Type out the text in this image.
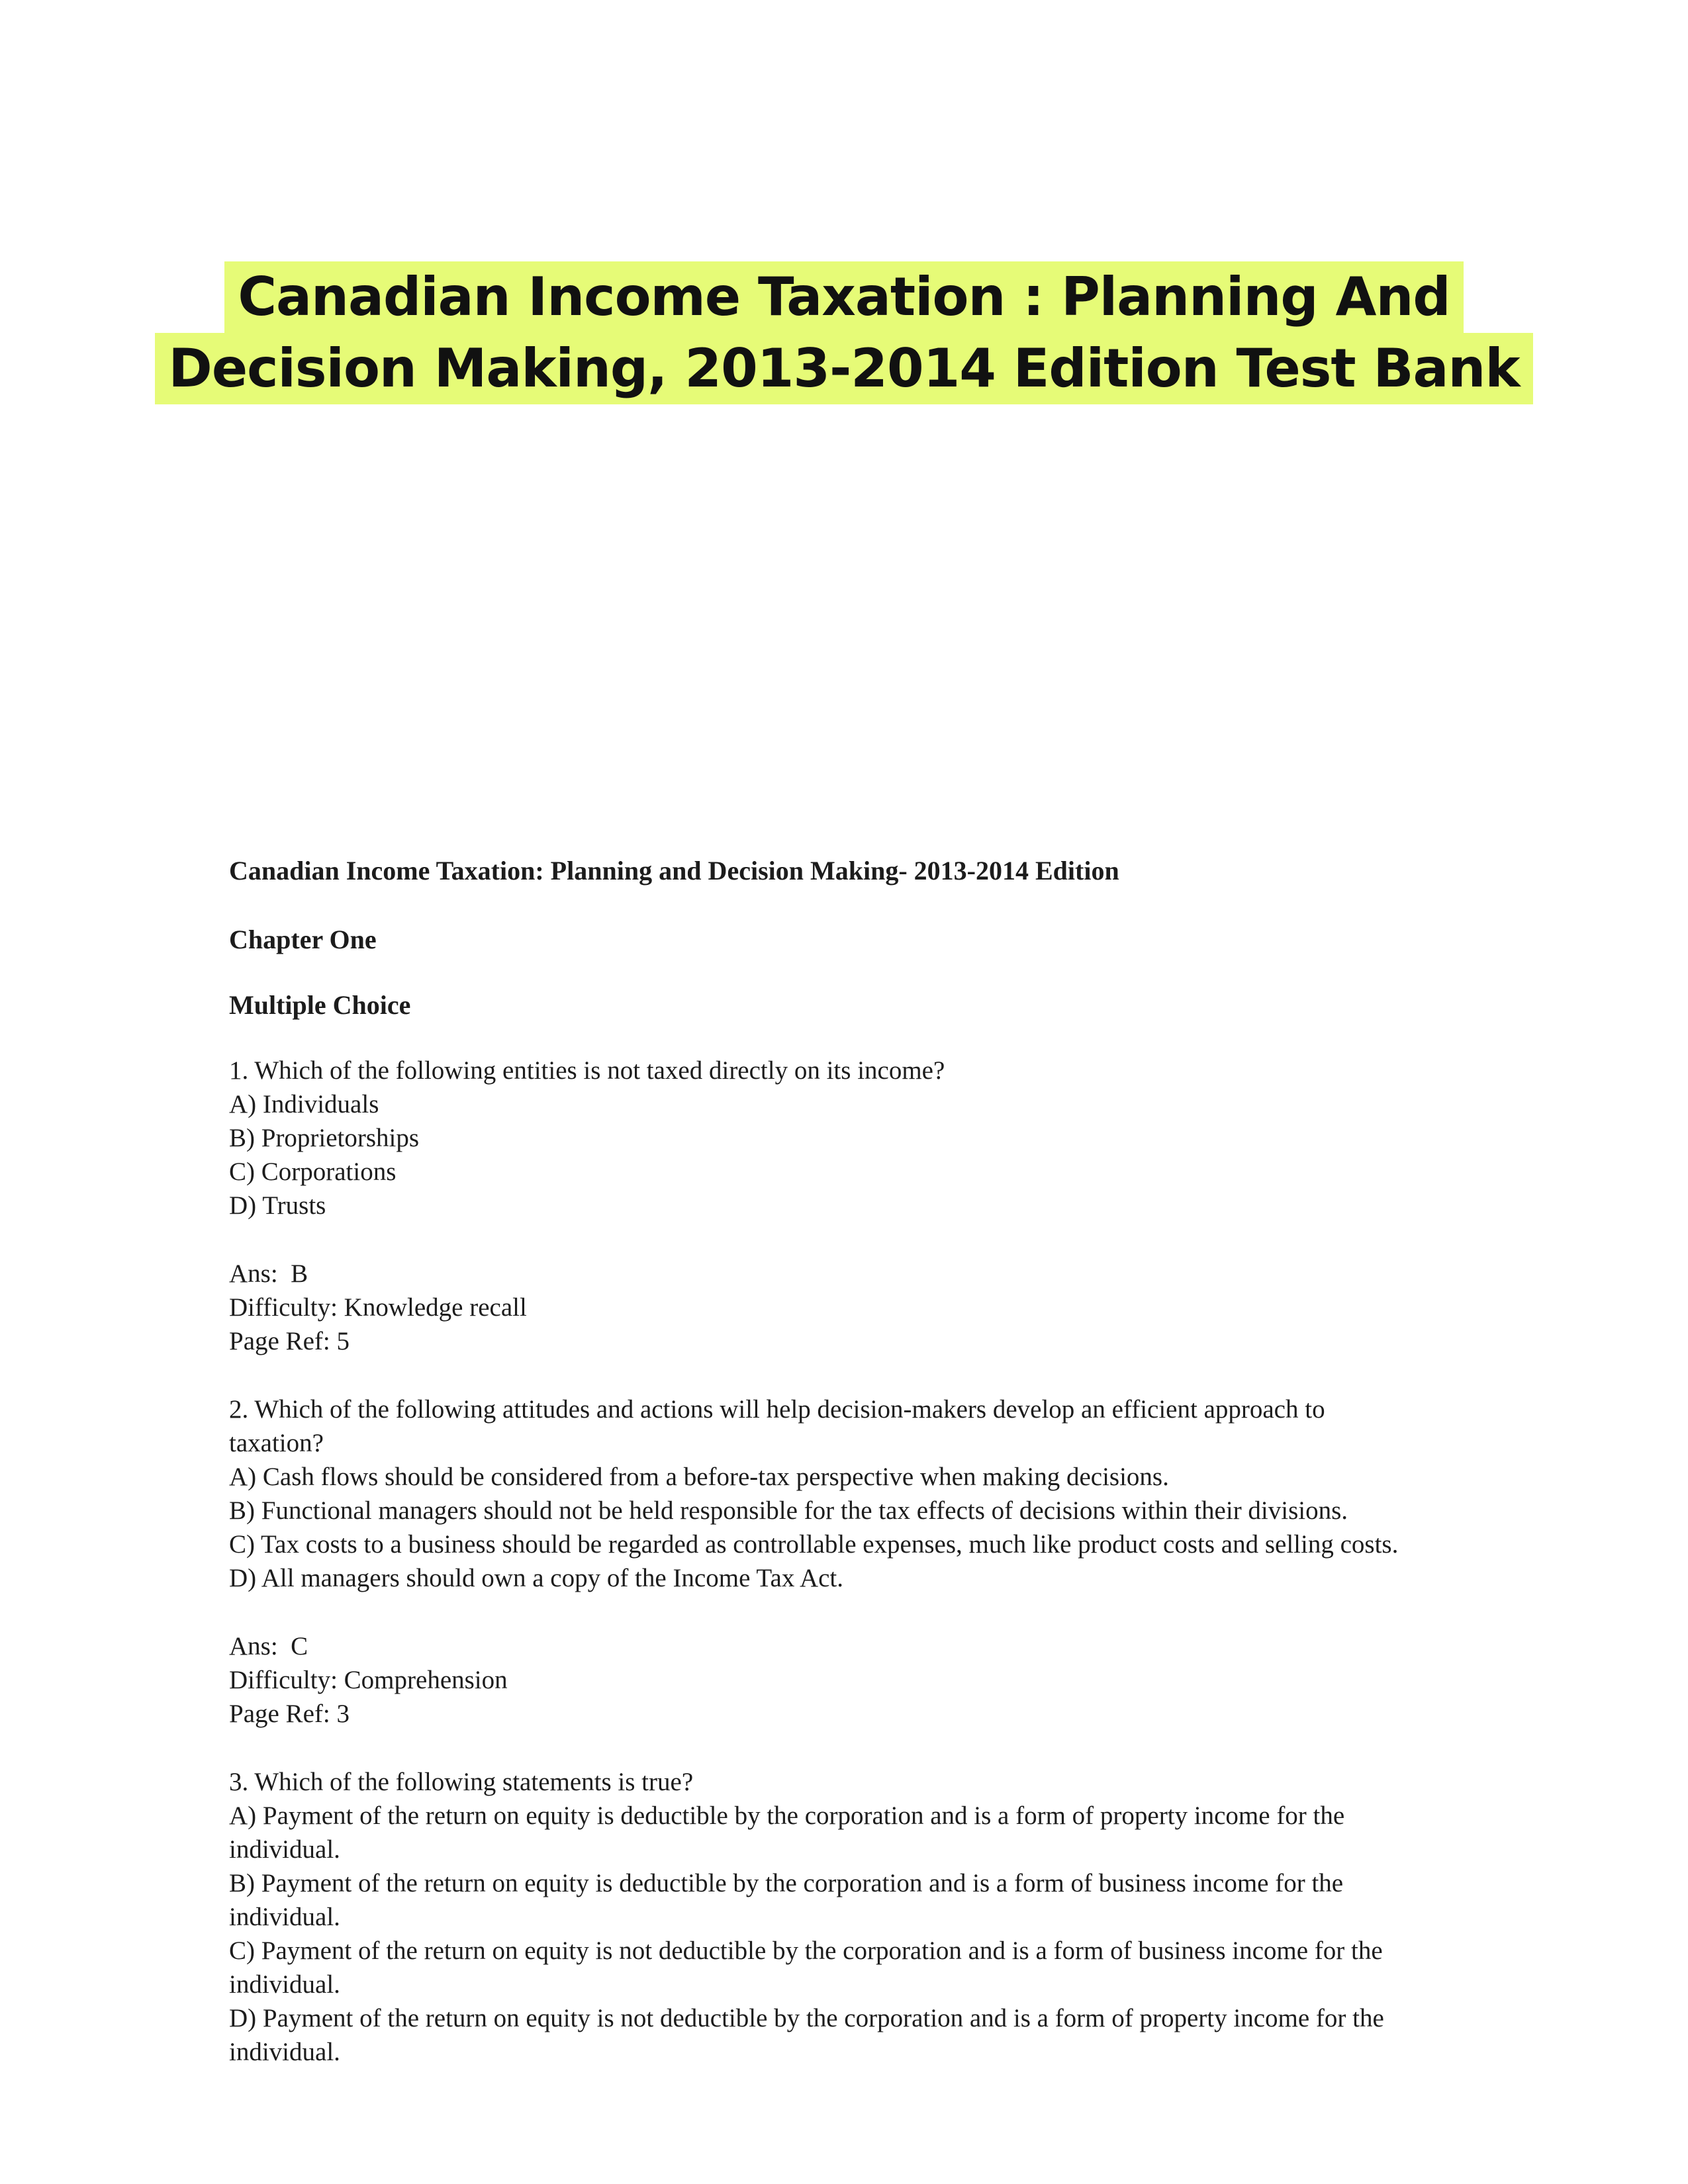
Canadian Income Taxation : Planning And
Decision Making, 2013-2014 Edition Test Bank
Canadian Income Taxation: Planning and Decision Making- 2013-2014 Edition
Chapter One
Multiple Choice
1. Which of the following entities is not taxed directly on its income?
A) Individuals
B) Proprietorships
C) Corporations
D) Trusts
Ans:  B
Difficulty: Knowledge recall
Page Ref: 5
2. Which of the following attitudes and actions will help decision-makers develop an efficient approach to taxation?
A) Cash flows should be considered from a before-tax perspective when making decisions.
B) Functional managers should not be held responsible for the tax effects of decisions within their divisions.
C) Tax costs to a business should be regarded as controllable expenses, much like product costs and selling costs.
D) All managers should own a copy of the Income Tax Act.
Ans:  C
Difficulty: Comprehension
Page Ref: 3
3. Which of the following statements is true?
A) Payment of the return on equity is deductible by the corporation and is a form of property income for the individual.
B) Payment of the return on equity is deductible by the corporation and is a form of business income for the individual.
C) Payment of the return on equity is not deductible by the corporation and is a form of business income for the individual.
D) Payment of the return on equity is not deductible by the corporation and is a form of property income for the individual.
